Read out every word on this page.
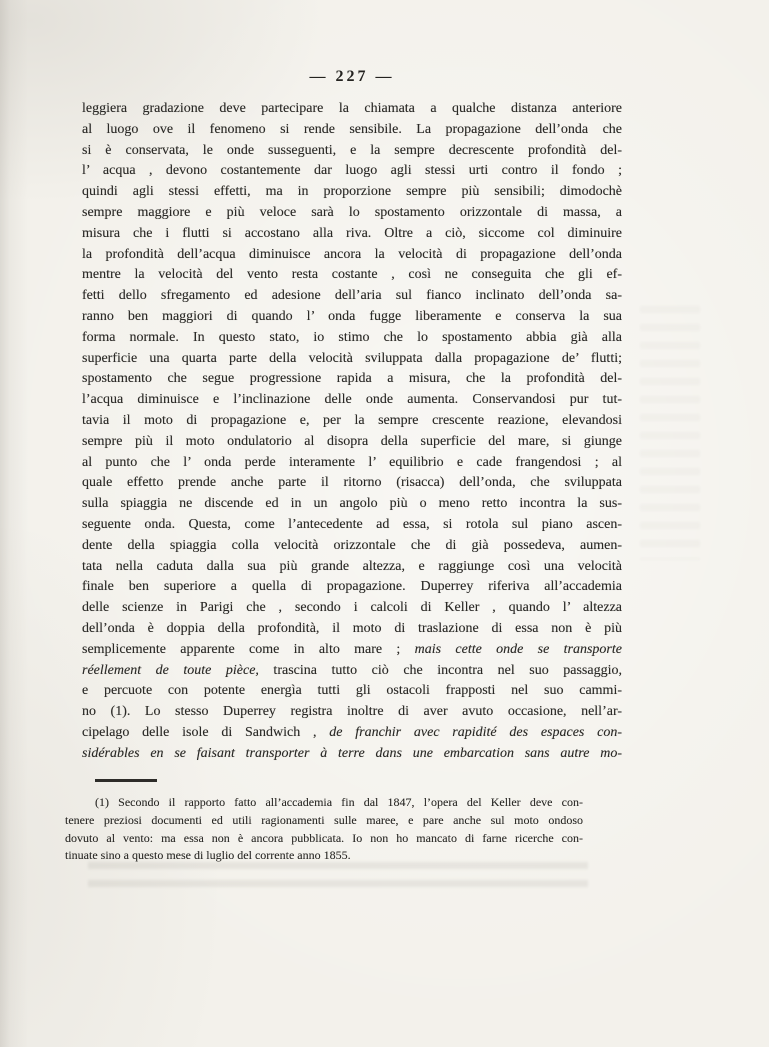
— 227 —
leggiera gradazione deve partecipare la chiamata a qualche distanza anteriore
al luogo ove il fenomeno si rende sensibile. La propagazione dell’onda che
si è conservata, le onde susseguenti, e la sempre decrescente profondità del-
l’ acqua , devono costantemente dar luogo agli stessi urti contro il fondo ;
quindi agli stessi effetti, ma in proporzione sempre più sensibili; dimodochè
sempre maggiore e più veloce sarà lo spostamento orizzontale di massa, a
misura che i flutti si accostano alla riva. Oltre a ciò, siccome col diminuire
la profondità dell’acqua diminuisce ancora la velocità di propagazione dell’onda
mentre la velocità del vento resta costante , così ne conseguita che gli ef-
fetti dello sfregamento ed adesione dell’aria sul fianco inclinato dell’onda sa-
ranno ben maggiori di quando l’ onda fugge liberamente e conserva la sua
forma normale. In questo stato, io stimo che lo spostamento abbia già alla
superficie una quarta parte della velocità sviluppata dalla propagazione de’ flutti;
spostamento che segue progressione rapida a misura, che la profondità del-
l’acqua diminuisce e l’inclinazione delle onde aumenta. Conservandosi pur tut-
tavia il moto di propagazione e, per la sempre crescente reazione, elevandosi
sempre più il moto ondulatorio al disopra della superficie del mare, si giunge
al punto che l’ onda perde interamente l’ equilibrio e cade frangendosi ; al
quale effetto prende anche parte il ritorno (risacca) dell’onda, che sviluppata
sulla spiaggia ne discende ed in un angolo più o meno retto incontra la sus-
seguente onda. Questa, come l’antecedente ad essa, si rotola sul piano ascen-
dente della spiaggia colla velocità orizzontale che di già possedeva, aumen-
tata nella caduta dalla sua più grande altezza, e raggiunge così una velocità
finale ben superiore a quella di propagazione. Duperrey riferiva all’accademia
delle scienze in Parigi che , secondo i calcoli di Keller , quando l’ altezza
dell’onda è doppia della profondità, il moto di traslazione di essa non è più
semplicemente apparente come in alto mare ; mais cette onde se transporte
réellement de toute pièce, trascina tutto ciò che incontra nel suo passaggio,
e percuote con potente energìa tutti gli ostacoli frapposti nel suo cammi-
no (1). Lo stesso Duperrey registra inoltre di aver avuto occasione, nell’ar-
cipelago delle isole di Sandwich , de franchir avec rapidité des espaces con-
sidérables en se faisant transporter à terre dans une embarcation sans autre mo-
(1) Secondo il rapporto fatto all’accademia fin dal 1847, l’opera del Keller deve con-
tenere preziosi documenti ed utili ragionamenti sulle maree, e pare anche sul moto ondoso
dovuto al vento: ma essa non è ancora pubblicata. Io non ho mancato di farne ricerche con-
tinuate sino a questo mese di luglio del corrente anno 1855.
